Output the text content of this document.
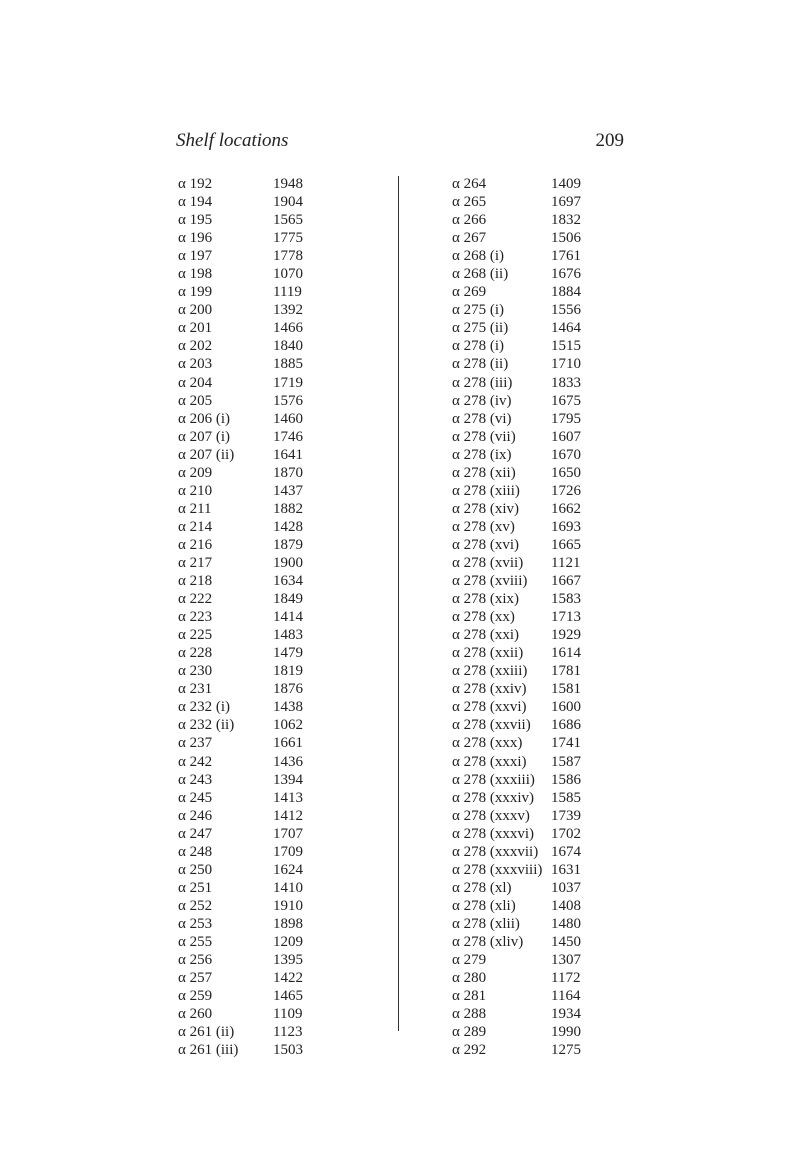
Shelf locations	209
α 192	1948
α 194	1904
α 195	1565
α 196	1775
α 197	1778
α 198	1070
α 199	1119
α 200	1392
α 201	1466
α 202	1840
α 203	1885
α 204	1719
α 205	1576
α 206 (i)	1460
α 207 (i)	1746
α 207 (ii)	1641
α 209	1870
α 210	1437
α 211	1882
α 214	1428
α 216	1879
α 217	1900
α 218	1634
α 222	1849
α 223	1414
α 225	1483
α 228	1479
α 230	1819
α 231	1876
α 232 (i)	1438
α 232 (ii)	1062
α 237	1661
α 242	1436
α 243	1394
α 245	1413
α 246	1412
α 247	1707
α 248	1709
α 250	1624
α 251	1410
α 252	1910
α 253	1898
α 255	1209
α 256	1395
α 257	1422
α 259	1465
α 260	1109
α 261 (ii)	1123
α 261 (iii) 1503
α 264	1409
α 265	1697
α 266	1832
α 267	1506
α 268 (i)	1761
α 268 (ii)	1676
α 269	1884
α 275 (i)	1556
α 275 (ii)	1464
α 278 (i)	1515
α 278 (ii)	1710
α 278 (iii)	1833
α 278 (iv)	1675
α 278 (vi)	1795
α 278 (vii) 1607
α 278 (ix)	1670
α 278 (xii) 1650
α 278 (xiii) 1726
α 278 (xiv) 1662
α 278 (xv) 1693
α 278 (xvi) 1665
α 278 (xvii) 1121
α 278 (xviii) 1667
α 278 (xix) 1583
α 278 (xx) 1713
α 278 (xxi) 1929
α 278 (xxii) 1614
α 278 (xxiii) 1781
α 278 (xxiv) 1581
α 278 (xxvi) 1600
α 278 (xxvii) 1686
α 278 (xxx) 1741
α 278 (xxxi) 1587
α 278 (xxxiii) 1586
α 278 (xxxiv) 1585
α 278 (xxxv) 1739
α 278 (xxxvi) 1702
α 278 (xxxvii) 1674
α 278 (xxxviii) 1631
α 278 (xl)	1037
α 278 (xli) 1408
α 278 (xlii) 1480
α 278 (xliv) 1450
α 279	1307
α 280	1172
α 281	1164
α 288	1934
α 289	1990
α 292	1275
